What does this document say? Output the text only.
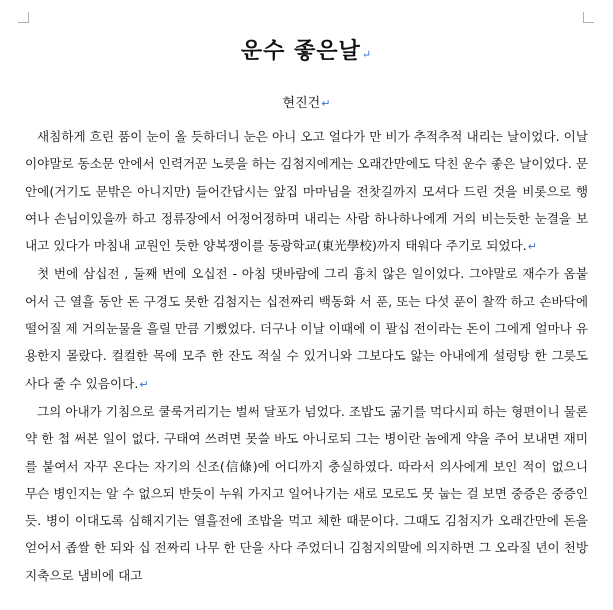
운수 좋은날↵
현진건↵

새침하게 흐린 품이 눈이 올 듯하더니 눈은 아니 오고 얼다가 만 비가 추적추적 내리는 날이었다. 이날이야말로 동소문 안에서 인력거꾼 노릇을 하는 김첨지에게는 오래간만에도 닥친 운수 좋은 날이었다. 문안에(거기도 문밖은 아니지만) 들어간답시는 앞집 마마님을 전찻길까지 모셔다 드린 것을 비롯으로 행여나 손님이있을까 하고 정류장에서 어정어정하며 내리는 사람 하나하나에게 거의 비는듯한 눈결을 보내고 있다가 마침내 교원인 듯한 양복쟁이를 동광학교(東光學校)까지 태워다 주기로 되었다.↵

첫 번에 삼십전 , 둘째 번에 오십전 - 아침 댓바람에 그리 흉치 않은 일이었다. 그야말로 재수가 옴붙어서 근 열흘 동안 돈 구경도 못한 김첨지는 십전짜리 백동화 서 푼, 또는 다섯 푼이 찰깍 하고 손바닥에 떨어질 제 거의눈물을 흘릴 만큼 기뻤었다. 더구나 이날 이때에 이 팔십 전이라는 돈이 그에게 얼마나 유용한지 몰랐다. 컬컬한 목에 모주 한 잔도 적실 수 있거니와 그보다도 앓는 아내에게 설렁탕 한 그릇도 사다 줄 수 있음이다.↵

그의 아내가 기침으로 쿨룩거리기는 벌써 달포가 넘었다. 조밥도 굶기를 먹다시피 하는 형편이니 물론 약 한 첩 써본 일이 없다. 구태여 쓰려면 못쓸 바도 아니로되 그는 병이란 놈에게 약을 주어 보내면 재미를 붙여서 자꾸 온다는 자기의 신조(信條)에 어디까지 충실하였다. 따라서 의사에게 보인 적이 없으니 무슨 병인지는 알 수 없으되 반듯이 누워 가지고 일어나기는 새로 모로도 못 눕는 걸 보면 중증은 중증인 듯. 병이 이대도록 심해지기는 열흘전에 조밥을 먹고 체한 때문이다. 그때도 김첨지가 오래간만에 돈을 얻어서 좁쌀 한 되와 십 전짜리 나무 한 단을 사다 주었더니 김첨지의말에 의지하면 그 오라질 년이 천방지축으로 냄비에 대고
